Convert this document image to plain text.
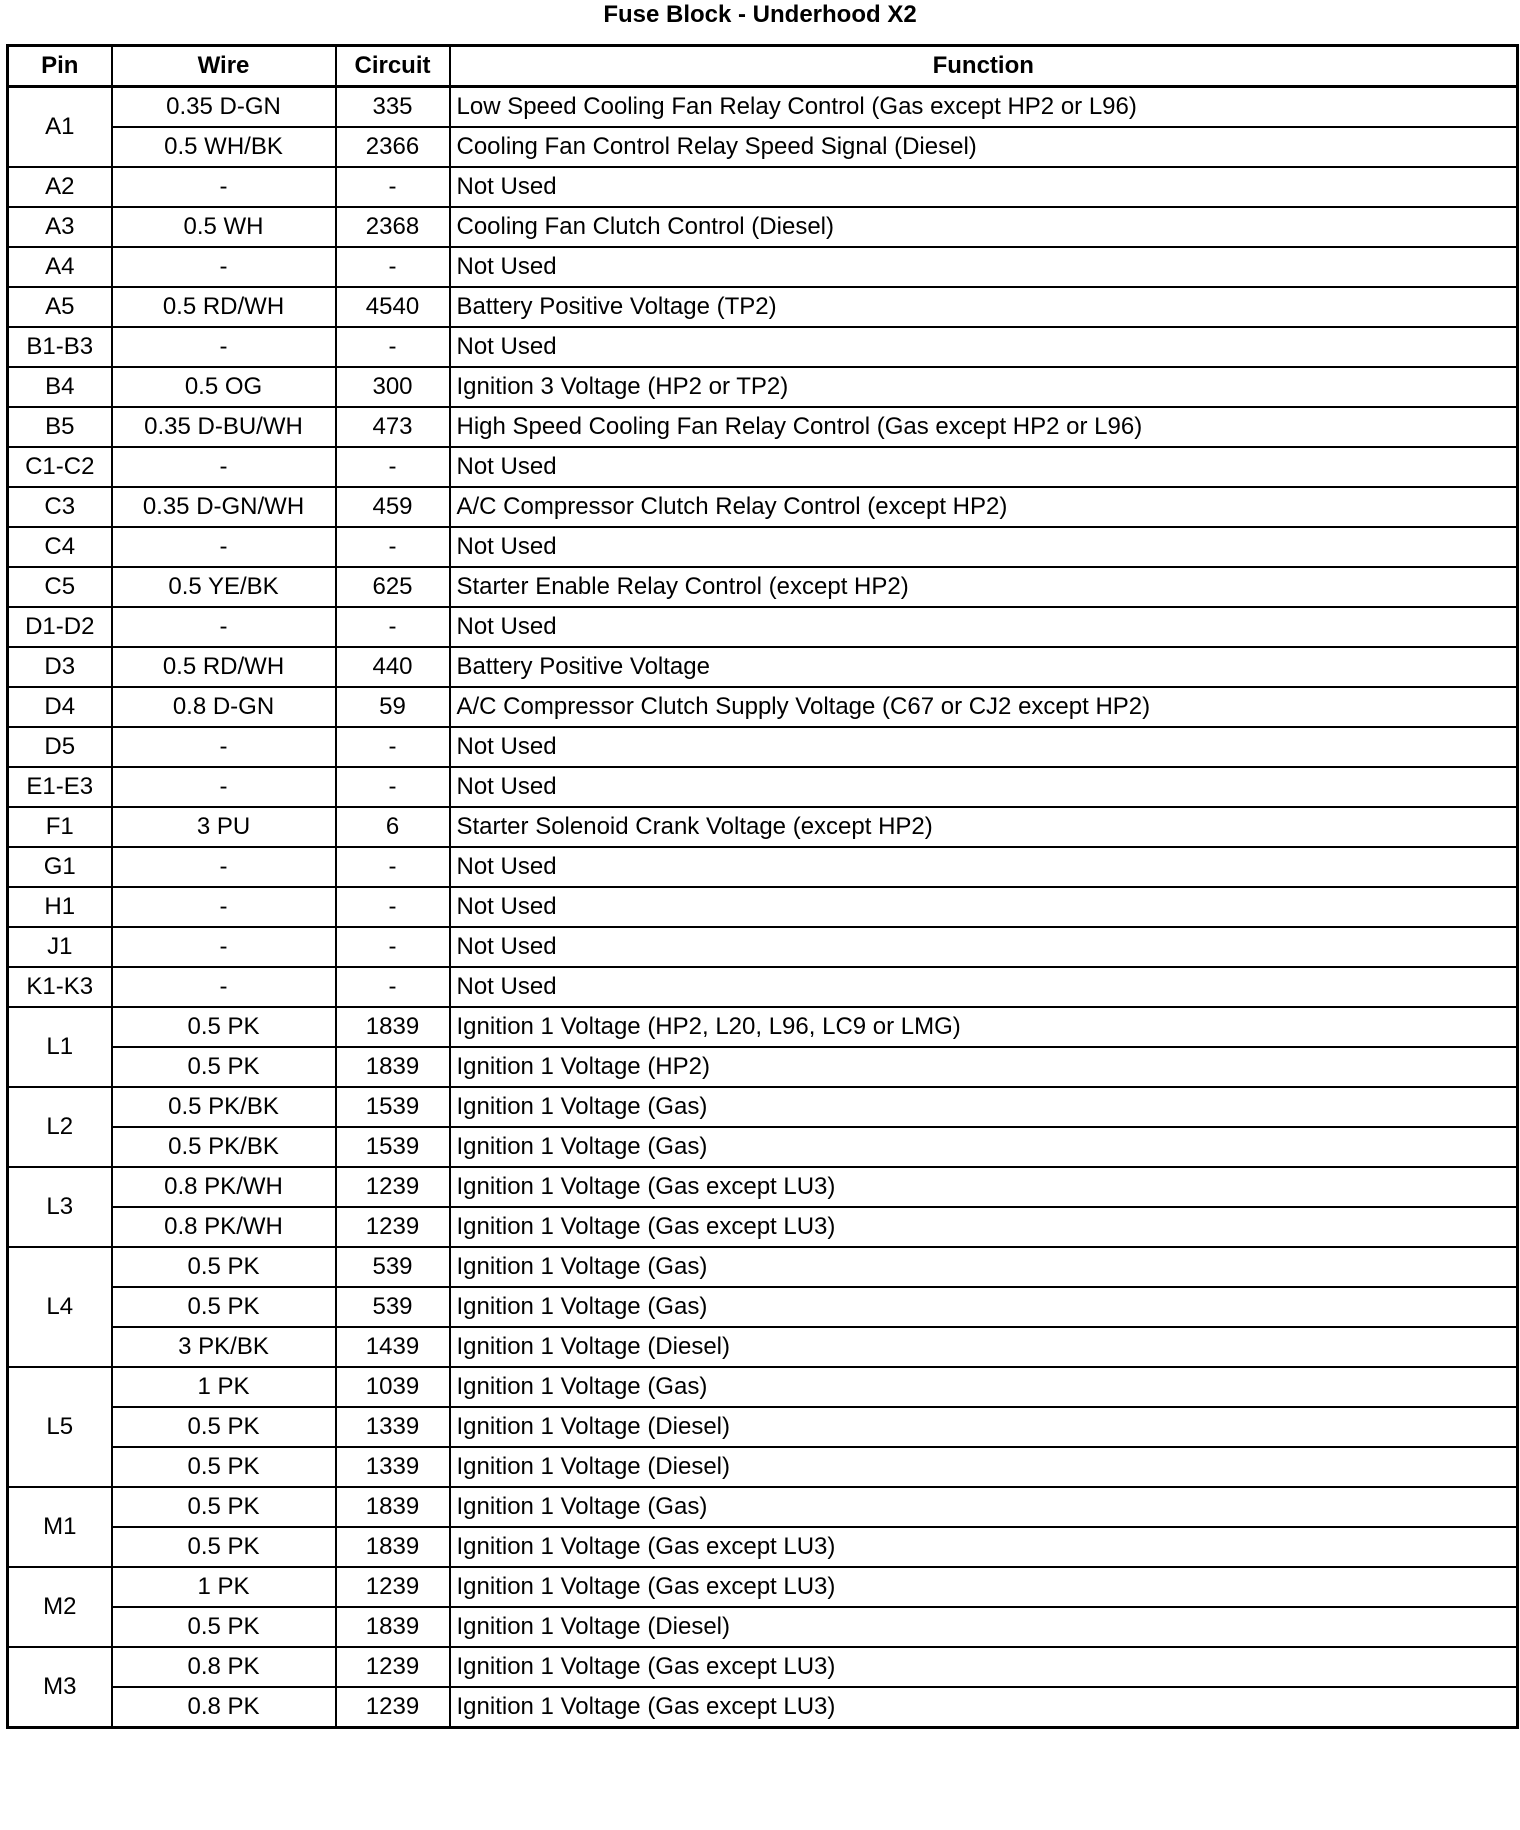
Fuse Block - Underhood X2
Pin	Wire	Circuit	Function
A1	0.35 D-GN	335	Low Speed Cooling Fan Relay Control (Gas except HP2 or L96)
	0.5 WH/BK	2366	Cooling Fan Control Relay Speed Signal (Diesel)
A2	-	-	Not Used
A3	0.5 WH	2368	Cooling Fan Clutch Control (Diesel)
A4	-	-	Not Used
A5	0.5 RD/WH	4540	Battery Positive Voltage (TP2)
B1-B3	-	-	Not Used
B4	0.5 OG	300	Ignition 3 Voltage (HP2 or TP2)
B5	0.35 D-BU/WH	473	High Speed Cooling Fan Relay Control (Gas except HP2 or L96)
C1-C2	-	-	Not Used
C3	0.35 D-GN/WH	459	A/C Compressor Clutch Relay Control (except HP2)
C4	-	-	Not Used
C5	0.5 YE/BK	625	Starter Enable Relay Control (except HP2)
D1-D2	-	-	Not Used
D3	0.5 RD/WH	440	Battery Positive Voltage
D4	0.8 D-GN	59	A/C Compressor Clutch Supply Voltage (C67 or CJ2 except HP2)
D5	-	-	Not Used
E1-E3	-	-	Not Used
F1	3 PU	6	Starter Solenoid Crank Voltage (except HP2)
G1	-	-	Not Used
H1	-	-	Not Used
J1	-	-	Not Used
K1-K3	-	-	Not Used
L1	0.5 PK	1839	Ignition 1 Voltage (HP2, L20, L96, LC9 or LMG)
	0.5 PK	1839	Ignition 1 Voltage (HP2)
L2	0.5 PK/BK	1539	Ignition 1 Voltage (Gas)
	0.5 PK/BK	1539	Ignition 1 Voltage (Gas)
L3	0.8 PK/WH	1239	Ignition 1 Voltage (Gas except LU3)
	0.8 PK/WH	1239	Ignition 1 Voltage (Gas except LU3)
L4	0.5 PK	539	Ignition 1 Voltage (Gas)
	0.5 PK	539	Ignition 1 Voltage (Gas)
	3 PK/BK	1439	Ignition 1 Voltage (Diesel)
L5	1 PK	1039	Ignition 1 Voltage (Gas)
	0.5 PK	1339	Ignition 1 Voltage (Diesel)
	0.5 PK	1339	Ignition 1 Voltage (Diesel)
M1	0.5 PK	1839	Ignition 1 Voltage (Gas)
	0.5 PK	1839	Ignition 1 Voltage (Gas except LU3)
M2	1 PK	1239	Ignition 1 Voltage (Gas except LU3)
	0.5 PK	1839	Ignition 1 Voltage (Diesel)
M3	0.8 PK	1239	Ignition 1 Voltage (Gas except LU3)
	0.8 PK	1239	Ignition 1 Voltage (Gas except LU3)
